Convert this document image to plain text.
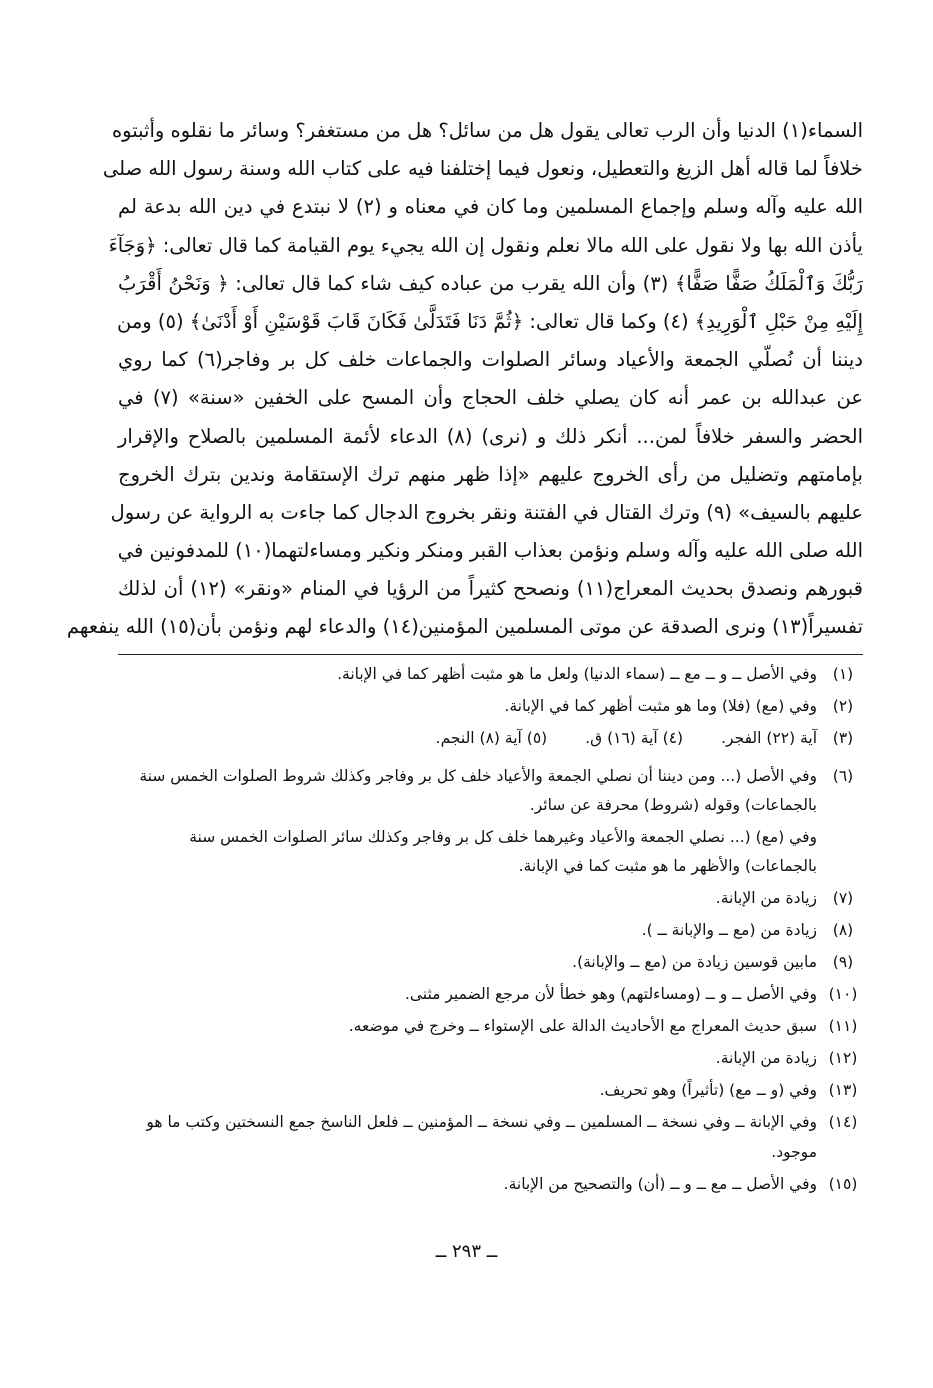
السماء(١) الدنيا وأن الرب تعالى يقول هل من سائل؟ هل من مستغفر؟ وسائر ما نقلوه وأثبتوه
خلافاً لما قاله أهل الزيغ والتعطيل، ونعول فيما إختلفنا فيه على كتاب الله وسنة رسول الله صلى
الله عليه وآله وسلم وإجماع المسلمين وما كان في معناه و (٢) لا نبتدع في دين الله بدعة لم
يأذن الله بها ولا نقول على الله مالا نعلم ونقول إن الله يجيء يوم القيامة كما قال تعالى: ﴿وَجَآءَ
رَبُّكَ وَٱلْمَلَكُ صَفًّا صَفًّا﴾ (٣) وأن الله يقرب من عباده كيف شاء كما قال تعالى: ﴿ وَنَحْنُ أَقْرَبُ
إِلَيْهِ مِنْ حَبْلِ ٱلْوَرِيدِ﴾ (٤) وكما قال تعالى: ﴿ثُمَّ دَنَا فَتَدَلَّىٰ فَكَانَ قَابَ قَوْسَيْنِ أَوْ أَدْنَىٰ﴾ (٥) ومن
ديننا أن نُصلّي الجمعة والأعياد وسائر الصلوات والجماعات خلف كل بر وفاجر(٦) كما روي
عن عبدالله بن عمر أنه كان يصلي خلف الحجاج وأن المسح على الخفين «سنة» (٧) في
الحضر والسفر خلافاً لمن... أنكر ذلك و (نرى) (٨) الدعاء لأئمة المسلمين بالصلاح والإقرار
بإمامتهم وتضليل من رأى الخروج عليهم «إذا ظهر منهم ترك الإستقامة وندين بترك الخروج
عليهم بالسيف» (٩) وترك القتال في الفتنة ونقر بخروج الدجال كما جاءت به الرواية عن رسول
الله صلى الله عليه وآله وسلم ونؤمن بعذاب القبر ومنكر ونكير ومساءلتهما(١٠) للمدفونين في
قبورهم ونصدق بحديث المعراج(١١) ونصحح كثيراً من الرؤيا في المنام «ونقر» (١٢) أن لذلك
تفسيراً(١٣) ونرى الصدقة عن موتى المسلمين المؤمنين(١٤) والدعاء لهم ونؤمن بأن(١٥) الله ينفعهم
(١)
وفي الأصل ــ و ــ مع ــ (سماء الدنيا) ولعل ما هو مثبت أظهر كما في الإبانة.
(٢)
وفي (مع) (فلا) وما هو مثبت أظهر كما في الإبانة.
(٣)
آية (٢٢) الفجر.
(٤) آية (١٦) ق.
(٥) آية (٨) النجم.
(٦)
وفي الأصل (... ومن ديننا أن نصلي الجمعة والأعياد خلف كل بر وفاجر وكذلك شروط الصلوات الخمس سنة بالجماعات) وقوله (شروط) محرفة عن سائر.
وفي (مع) (... نصلي الجمعة والأعياد وغيرهما خلف كل بر وفاجر وكذلك سائر الصلوات الخمس سنة بالجماعات) والأظهر ما هو مثبت كما في الإبانة.
(٧)
زيادة من الإبانة.
(٨)
زيادة من (مع ــ والإبانة ــ ).
(٩)
مابين قوسين زيادة من (مع ــ والإبانة).
(١٠)
وفي الأصل ــ و ــ (ومساءلتهم) وهو خطأ لأن مرجع الضمير مثنى.
(١١)
سبق حديث المعراج مع الأحاديث الدالة على الإستواء ــ وخرج في موضعه.
(١٢)
زيادة من الإبانة.
(١٣)
وفي (و ــ مع) (تأثيراً) وهو تحريف.
(١٤)
وفي الإبانة ــ وفي نسخة ــ المسلمين ــ وفي نسخة ــ المؤمنين ــ فلعل الناسخ جمع النسختين وكتب ما هو موجود.
(١٥)
وفي الأصل ــ مع ــ و ــ (أن) والتصحيح من الإبانة.
ــ ٢٩٣ ــ
